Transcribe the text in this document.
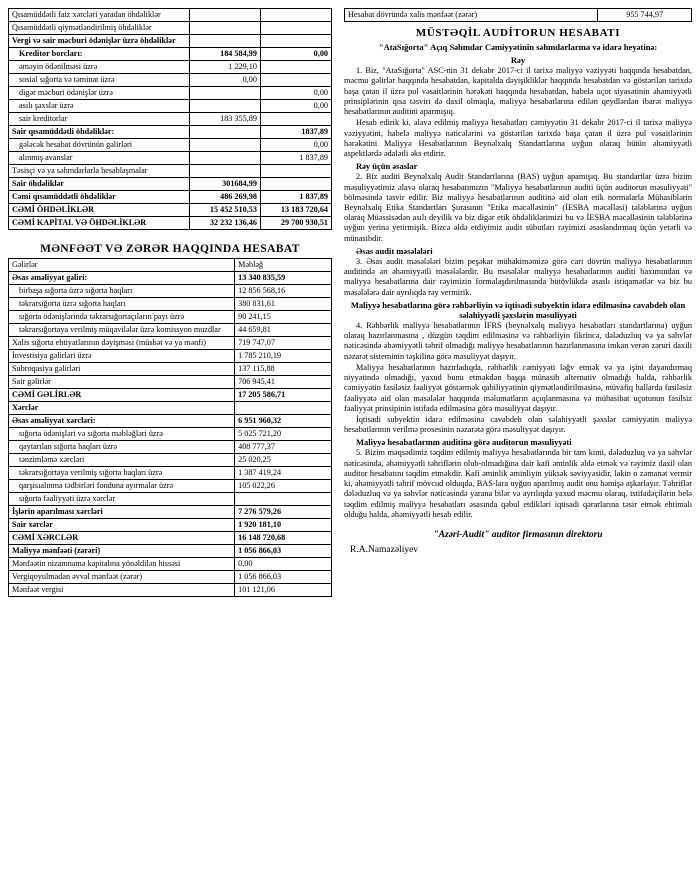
Qısamüddətli faiz xərcləri yaradan öhdəliklər		
Qısamüddətli qiymətləndirilmiş öhdəliklər		
Vergi və sair məcburi ödənişlər üzrə öhdəliklər		
Kreditor borcları:	184 584,99	0,00
əməyin ödənilməsi üzrə	1 229,10	
sosial sığorta və təminat üzrə	0,00	
digər məcburi ödənişlər üzrə		0,00
asılı şəxslər üzrə		0,00
sair kreditorlar	183 355,89	
Sair qısamüddətli öhdəliklər:		1837,89
gələcək hesabat dövrünün gəlirləri		0,00
alınmış avanslar		1 837,89
Təsisçi və ya səhmdarlarla hesablaşmalar		
Sair öhdəliklər	301684,99	
Cəmi qısamüddətli öhdəliklər	486 269,98	1 837,89
CƏMİ ÖHDƏLİKLƏR	15 452 510,53	13 183 720,64
CƏMİ KAPİTAL VƏ ÖHDƏLİKLƏR	32 232 136,46	29 700 930,51
MƏNFƏƏT VƏ ZƏRƏR HAQQINDA HESABAT
Gəlirlər	Məbləğ
Əsas əməliyyat gəliri:	13 340 835,59
birbaşa sığorta üzrə sığorta haqları	12 856 568,16
təkrarsığorta üzrə sığorta haqları	380 831,61
sığorta ödənişlərində təkrarsığortaçıların payı üzrə	90 241,15
təkrarsığortaya verilmiş müqavilələr üzrə komissyon muzdlar	44 659,81
Xalis sığorta ehtiyatlarının dəyişməsi (müsbət və ya mənfi)	719 747,07
İnvestisiya gəlirləri üzrə	1 785 210,19
Subroqasiya gəlirləri	137 115,88
Sair gəlirlər	706 945,41
CƏMİ GƏLİRLƏR	17 205 586,71
Xərclər	
Əsas əməliyyat xərcləri:	6 951 960,32
sığorta ödənişləri və sığorta məbləğləri üzrə	5 025 721,20
qaytarılan sığorta haqları üzrə	408 777,37
tənzimləmə xərcləri	25 020,25
təkrarsığortaya verilmiş sığorta haqları üzrə	1 387 419,24
qarşısıalınma tədbirləri fonduna ayırmalar üzrə	105 022,26
sığorta fəaliyyəti üzrə xərclər	
İşlərin aparılması xərcləri	7 276 579,26
Sair xərclər	1 920 181,10
CƏMİ XƏRCLƏR	16 148 720,68
Maliyyə mənfəəti (zərəri)	1 056 866,03
Mənfəətin nizamnamə kapitalına yönəldilən hissəsi	0,00
Vergiqoyulmadan əvvəl mənfəət (zərər)	1 056 866,03
Mənfəət vergisi	101 121,06
Hesabat dövründə xalis mənfəət (zərər)	955 744,97
MÜSTƏQİL AUDİTORUN HESABATI
"AtaSığorta" Açıq Səhmdar Cəmiyyətinin səhmdarlarına və idarə heyətinə:
Rəy

1. Biz, "AtaSığorta" ASC-nin 31 dekabr 2017-ci il tarixə maliyyə vəziyyəti haqqında hesabatdan, məcmu gəlirlər haqqında hesabatdan, kapitalda dəyişikliklər haqqında hesabatdan və göstərilən tarixdə başa çatan il üzrə pul vəsaitlərinin hərəkəti haqqında hesabatdan, habelə uçot siyasətinin əhəmiyyətli prinsiplərinin qısa təsviri də daxil olmaqla, maliyyə hesabatlarına edilən qeydlərdən ibarət maliyyə hesabatlarının auditini aparmışıq.

Hesab edirik ki, əlavə edilmiş maliyyə hesabatları cəmiyyətin 31 dekabr 2017-ci il tarixə maliyyə vəziyyətini, habelə maliyyə nəticələrini və göstərilən tarixdə başa çatan il üzrə pul vəsaitlərinin hərəkətini Maliyyə Hesabatlarının Beynəlxalq Standartlarına uyğun olaraq bütün əhəmiyyətli aspektlərdə ədalətli əks etdirir.

Rəy üçün əsaslar

2. Biz auditi Beynəlxalq Audit Standartlarına (BAS) uyğun apamışıq. Bu standartlar üzrə bizim məsuliyyətimiz əlavə olaraq hesabatımızın "Maliyyə hesabatlarının auditi üçün auditorun məsuliyyəti" bölməsində təsvir edilir. Biz maliyyə hesabatlarının auditinə aid olan etik normalarla Mühasiblərin Beynəlxalq Etika Standartları Şurasının "Etika məcəlləsinin" (İESBA məcəlləsi) tələblərinə uyğun olaraq Müəssisədən asılı deyilik və biz digər etik öhdəliklərimizi bu və İESBA məcəlləsinin tələblərinə uyğun yerinə yetirmişik. Bizcə əldə etdiyimiz audit sübutları rəyimizi əsaslandırmaq üçün yetərli və münasibdir.

Əsas audit məsələləri

3. Əsas audit məsələləri bizim peşəkar mühakiməmizə görə cari dövrün maliyyə hesabatlarının auditində ən əhəmiyyətli məsələlərdir. Bu məsələlər maliyyə hesabatlarının auditi baxımından və maliyyə hesabatlarına dair rəyimizin formalaşdırılmasında bütövlükdə əsaslı istiqamətlər və biz bu məsələlərə dair ayrılıqda rəy vermirik.

Maliyyə hesabatlarına görə rəhbərliyin və iqtisadi subyektin idarə edilməsinə cavabdeh olan səlahiyyətli şəxslərin məsuliyyəti

4. Rəhbərlik maliyyə hesabatlarının İFRS (beynəlxalq maliyyə hesabatları standartlarına) uyğun olaraq hazırlanmasına , düzgün təqdim edilməsinə və rəhbərliyin fikrincə, dələduzluq və ya səhvlər nəticəsində əhəmiyyətli təhrif olmadığı maliyyə hesabatlarının hazırlanmasına imkan verən zəruri daxili nəzarət sisteminin təşkilinə görə məsuliyyət daşıyır.

Maliyyə hesabatlarının hazırladıqda, rəhbərlik cəmiyyəti ləğv etmək və ya işini dayandırmaq niyyətində olmadığı, yaxud bunu etməkdən başqa münasib alternativ olmadığı halda, rəhbərlik cəmiyyətin fasiləsiz fəaliyyət göstərmək qabiliyyətinin qiymətləndirilməsinə, müvafiq hallarda fasiləsiz fəaliyyətə aid olan məsələlər haqqında məlumatların açıqlanmasına və mühasibat uçotunun fasilsiz fəaliyyət prinsipinin istifadə edilməsinə görə məsuliyyət daşıyır.

İqtisadi subyektin idarə edilməsinə cavabdeh olan səlahiyyətli şəxslər cəmiyyətin maliyyə hesabatlarının verilmə prosesinin nəzarətə görə məsuliyyət daşıyır.

Maliyyə hesabatlarının auditinə görə auditorun məsuliyyəti

5. Bizim məqsədimiz təqdim edilmiş maliyyə hesabatlarında bir tam kimi, dələduzluq və ya səhvlər nəticəsində, əhəmiyyətli təhriflərin olub-olmadığına dair kafi əminlik əldə etmək və rəyimiz daxil olan auditor hesabatını təqdim etməkdir. Kafi əminlik əminliyin yüksək səviyyəsidir, lakin o zəmanət vermir ki, əhəmiyyətli təhrif mövcud olduqda, BAS-lara uyğun aparılmış audit onu həmişə aşkarlayır. Təhriflər dələduzluq və ya səhvlər nəticəsində yarana bilər və ayrılıqda yaxud məcmu olaraq, istifadəçilərin belə təqdim edilmiş maliyyə hesabatları əsasında qəbul etdikləri iqtisadi qərarlarına təsir etmək ehtimalı olduğu halda, əhəmiyyətli hesab edilir.

"Azəri-Audit" auditor firmasının direktoru
R.A.Namazəliyev
